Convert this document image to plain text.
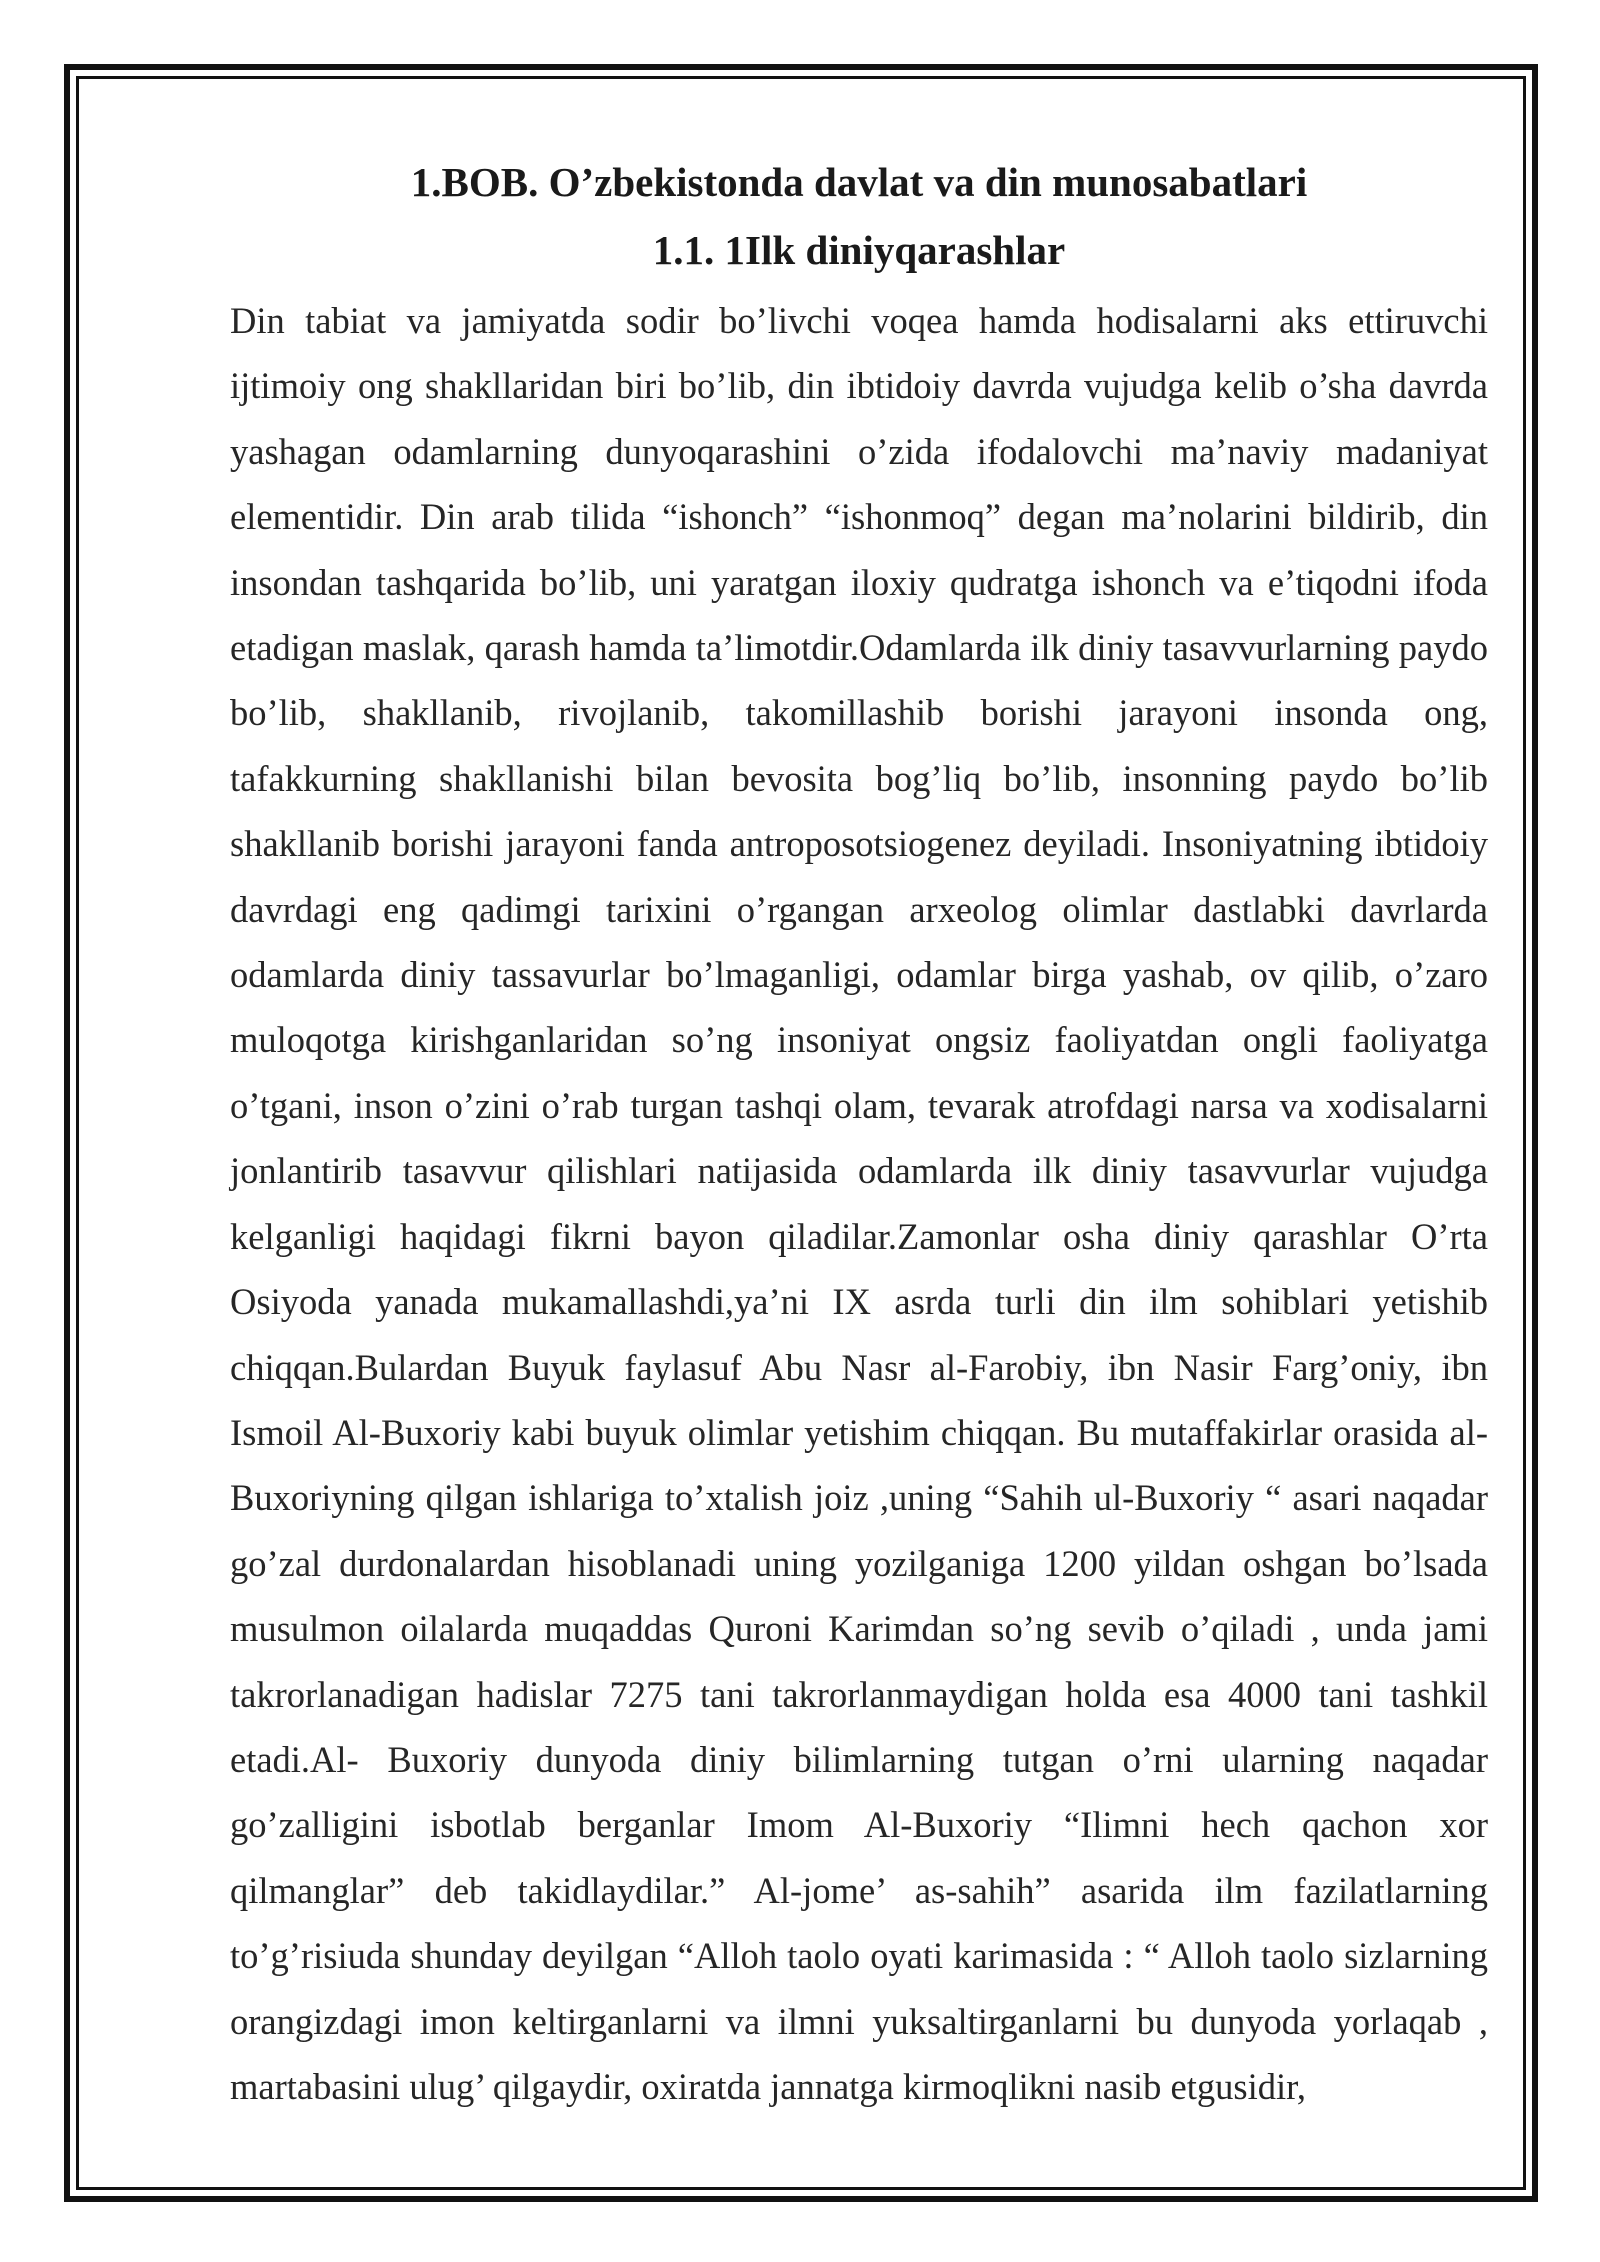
1.BOB. O’zbekistonda davlat va din munosabatlari
1.1. 1Ilk diniyqarashlar

Din tabiat va jamiyatda sodir bo’livchi voqea hamda hodisalarni aks ettiruvchi ijtimoiy ong shakllaridan biri bo’lib, din ibtidoiy davrda vujudga kelib o’sha davrda yashagan odamlarning dunyoqarashini o’zida ifodalovchi ma’naviy madaniyat elementidir. Din arab tilida “ishonch” “ishonmoq” degan ma’nolarini bildirib, din insondan tashqarida bo’lib, uni yaratgan iloxiy qudratga ishonch va e’tiqodni ifoda etadigan maslak, qarash hamda ta’limotdir.Odamlarda ilk diniy tasavvurlarning paydo bo’lib, shakllanib, rivojlanib, takomillashib borishi jarayoni insonda ong, tafakkurning shakllanishi bilan bevosita bog’liq bo’lib, insonning paydo bo’lib shakllanib borishi jarayoni fanda antroposotsiogenez deyiladi. Insoniyatning ibtidoiy davrdagi eng qadimgi tarixini o’rgangan arxeolog olimlar dastlabki davrlarda odamlarda diniy tassavurlar bo’lmaganligi, odamlar birga yashab, ov qilib, o’zaro muloqotga kirishganlaridan so’ng insoniyat ongsiz faoliyatdan ongli faoliyatga o’tgani, inson o’zini o’rab turgan tashqi olam, tevarak atrofdagi narsa va xodisalarni jonlantirib tasavvur qilishlari natijasida odamlarda ilk diniy tasavvurlar vujudga kelganligi haqidagi fikrni bayon qiladilar.Zamonlar osha diniy qarashlar O’rta Osiyoda yanada mukamallashdi,ya’ni IX asrda turli din ilm sohiblari yetishib chiqqan.Bulardan Buyuk faylasuf Abu Nasr al-Farobiy, ibn Nasir Farg’oniy, ibn Ismoil Al-Buxoriy kabi buyuk olimlar yetishim chiqqan. Bu mutaffakirlar orasida al-Buxoriyning qilgan ishlariga to’xtalish joiz ,uning “Sahih ul-Buxoriy “ asari naqadar go’zal durdonalardan hisoblanadi uning yozilganiga 1200 yildan oshgan bo’lsada musulmon oilalarda muqaddas Quroni Karimdan so’ng sevib o’qiladi , unda jami takrorlanadigan hadislar 7275 tani takrorlanmaydigan holda esa 4000 tani tashkil etadi.Al- Buxoriy dunyoda diniy bilimlarning tutgan o’rni ularning naqadar go’zalligini isbotlab berganlar Imom Al-Buxoriy “Ilimni hech qachon xor qilmanglar” deb takidlaydilar.” Al-jome’ as-sahih” asarida ilm fazilatlarning to’g’risiuda shunday deyilgan “Alloh taolo oyati karimasida : “ Alloh taolo sizlarning orangizdagi imon keltirganlarni va ilmni yuksaltirganlarni bu dunyoda yorlaqab , martabasini ulug’ qilgaydir, oxiratda jannatga kirmoqlikni nasib etgusidir,
